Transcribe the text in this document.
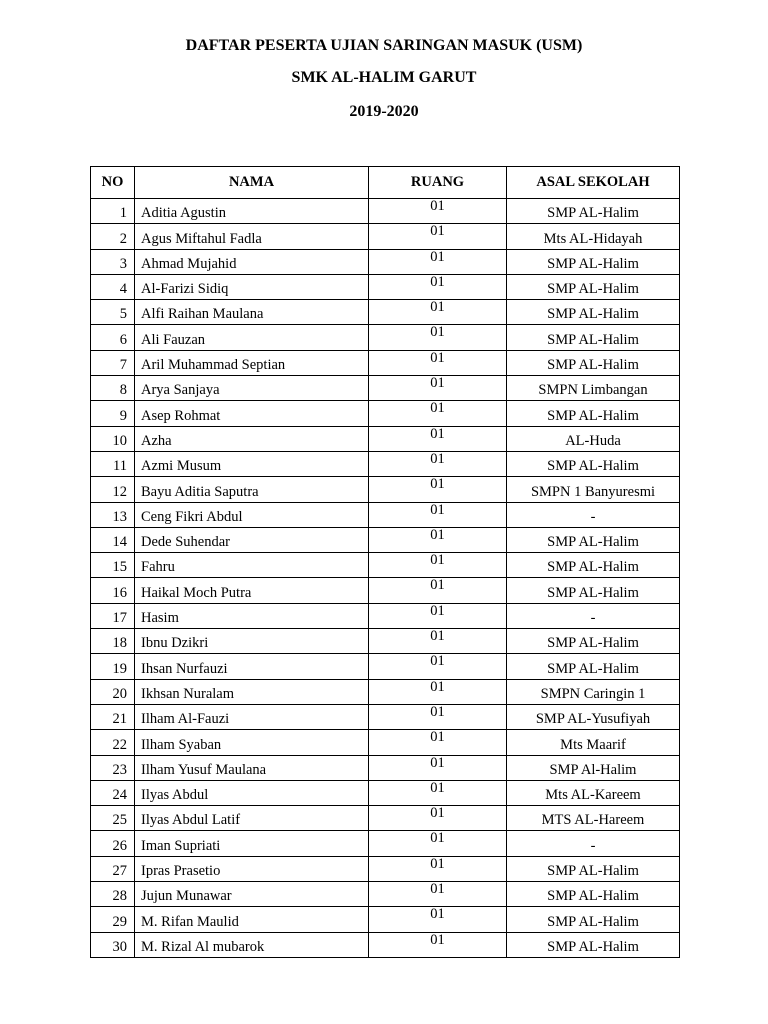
DAFTAR PESERTA UJIAN SARINGAN MASUK (USM)
SMK AL-HALIM GARUT
2019-2020
NO	NAMA	RUANG	ASAL SEKOLAH
1	Aditia Agustin	01	SMP AL-Halim
2	Agus Miftahul Fadla	01	Mts AL-Hidayah
3	Ahmad Mujahid	01	SMP AL-Halim
4	Al-Farizi Sidiq	01	SMP AL-Halim
5	Alfi Raihan Maulana	01	SMP AL-Halim
6	Ali Fauzan	01	SMP AL-Halim
7	Aril Muhammad Septian	01	SMP AL-Halim
8	Arya Sanjaya	01	SMPN Limbangan
9	Asep Rohmat	01	SMP AL-Halim
10	Azha	01	AL-Huda
11	Azmi Musum	01	SMP AL-Halim
12	Bayu Aditia Saputra	01	SMPN 1 Banyuresmi
13	Ceng Fikri Abdul	01	-
14	Dede Suhendar	01	SMP AL-Halim
15	Fahru	01	SMP AL-Halim
16	Haikal Moch Putra	01	SMP AL-Halim
17	Hasim	01	-
18	Ibnu Dzikri	01	SMP AL-Halim
19	Ihsan Nurfauzi	01	SMP AL-Halim
20	Ikhsan Nuralam	01	SMPN Caringin 1
21	Ilham Al-Fauzi	01	SMP AL-Yusufiyah
22	Ilham Syaban	01	Mts Maarif
23	Ilham Yusuf Maulana	01	SMP Al-Halim
24	Ilyas Abdul	01	Mts AL-Kareem
25	Ilyas Abdul Latif	01	MTS AL-Hareem
26	Iman Supriati	01	-
27	Ipras Prasetio	01	SMP AL-Halim
28	Jujun Munawar	01	SMP AL-Halim
29	M. Rifan Maulid	01	SMP AL-Halim
30	M. Rizal Al mubarok	01	SMP AL-Halim
